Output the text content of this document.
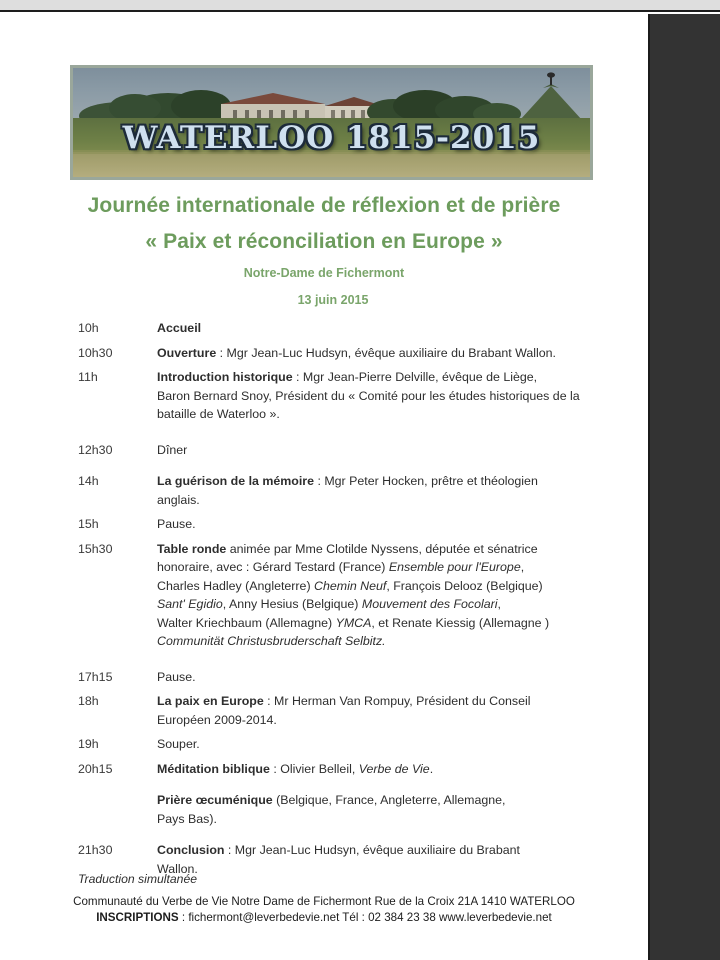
WATERLOO 1815-2015
Journée internationale de réflexion et de prière
« Paix et réconciliation en Europe »
Notre-Dame de Fichermont
13 juin 2015
10h	Accueil
10h30	Ouverture : Mgr Jean-Luc Hudsyn, évêque auxiliaire du Brabant Wallon.
11h	Introduction historique : Mgr Jean-Pierre Delville, évêque de Liège,
Baron Bernard Snoy, Président du « Comité pour les études historiques de la
bataille de Waterloo ».
12h30	Dîner
14h	La guérison de la mémoire : Mgr Peter Hocken, prêtre et théologien
anglais.
15h	Pause.
15h30	Table ronde animée par Mme Clotilde Nyssens, députée et sénatrice
honoraire, avec : Gérard Testard (France) Ensemble pour l'Europe,
Charles Hadley (Angleterre) Chemin Neuf, François Delooz (Belgique)
Sant' Egidio, Anny Hesius (Belgique) Mouvement des Focolari,
Walter Kriechbaum (Allemagne) YMCA, et Renate Kiessig (Allemagne )
Communität Christusbruderschaft Selbitz.
17h15	Pause.
18h	La paix en Europe : Mr Herman Van Rompuy, Président du Conseil
Européen 2009-2014.
19h	Souper.
20h15	Méditation biblique : Olivier Belleil, Verbe de Vie.
Prière œcuménique (Belgique, France, Angleterre, Allemagne,
Pays Bas).
21h30	Conclusion : Mgr Jean-Luc Hudsyn, évêque auxiliaire du Brabant
Wallon.
Traduction simultanée
Communauté du Verbe de Vie Notre Dame de Fichermont Rue de la Croix 21A 1410 WATERLOO
INSCRIPTIONS : fichermont@leverbedevie.net Tél : 02 384 23 38 www.leverbedevie.net
